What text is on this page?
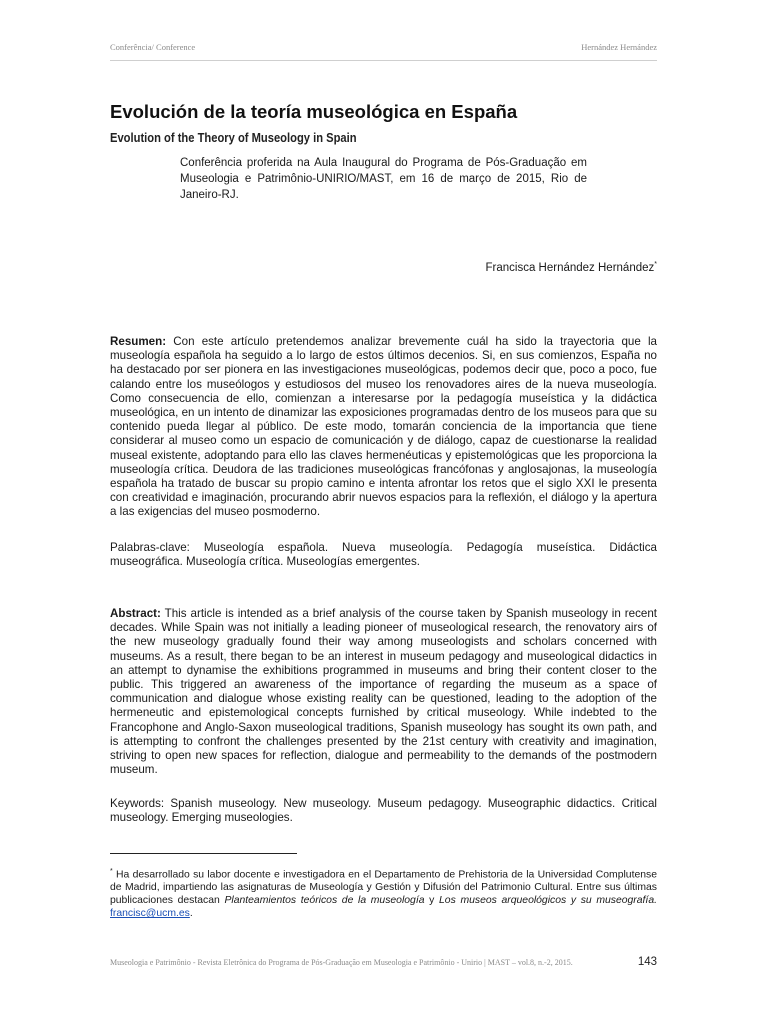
Conferência/ Conference	Hernández Hernández
Evolución de la teoría museológica en España
Evolution of the Theory of Museology in Spain

Conferência proferida na Aula Inaugural do Programa de Pós-Graduação em Museologia e Patrimônio-UNIRIO/MAST, em 16 de março de 2015, Rio de Janeiro-RJ.

Francisca Hernández Hernández*

Resumen: Con este artículo pretendemos analizar brevemente cuál ha sido la trayectoria que la museología española ha seguido a lo largo de estos últimos decenios. Si, en sus comienzos, España no ha destacado por ser pionera en las investigaciones museológicas, podemos decir que, poco a poco, fue calando entre los museólogos y estudiosos del museo los renovadores aires de la nueva museología. Como consecuencia de ello, comienzan a interesarse por la pedagogía museística y la didáctica museológica, en un intento de dinamizar las exposiciones programadas dentro de los museos para que su contenido pueda llegar al público. De este modo, tomarán conciencia de la importancia que tiene considerar al museo como un espacio de comunicación y de diálogo, capaz de cuestionarse la realidad museal existente, adoptando para ello las claves hermenéuticas y epistemológicas que les proporciona la museología crítica. Deudora de las tradiciones museológicas francófonas y anglosajonas, la museología española ha tratado de buscar su propio camino e intenta afrontar los retos que el siglo XXI le presenta con creatividad e imaginación, procurando abrir nuevos espacios para la reflexión, el diálogo y la apertura a las exigencias del museo posmoderno.

Palabras-clave: Museología española. Nueva museología. Pedagogía museística. Didáctica museográfica. Museología crítica. Museologías emergentes.

Abstract: This article is intended as a brief analysis of the course taken by Spanish museology in recent decades. While Spain was not initially a leading pioneer of museological research, the renovatory airs of the new museology gradually found their way among museologists and scholars concerned with museums. As a result, there began to be an interest in museum pedagogy and museological didactics in an attempt to dynamise the exhibitions programmed in museums and bring their content closer to the public. This triggered an awareness of the importance of regarding the museum as a space of communication and dialogue whose existing reality can be questioned, leading to the adoption of the hermeneutic and epistemological concepts furnished by critical museology. While indebted to the Francophone and Anglo-Saxon museological traditions, Spanish museology has sought its own path, and is attempting to confront the challenges presented by the 21st century with creativity and imagination, striving to open new spaces for reflection, dialogue and permeability to the demands of the postmodern museum.

Keywords: Spanish museology. New museology. Museum pedagogy. Museographic didactics. Critical museology. Emerging museologies.

* Ha desarrollado su labor docente e investigadora en el Departamento de Prehistoria de la Universidad Complutense de Madrid, impartiendo las asignaturas de Museología y Gestión y Difusión del Patrimonio Cultural. Entre sus últimas publicaciones destacan Planteamientos teóricos de la museología y Los museos arqueológicos y su museografía. francisc@ucm.es.

Museologia e Patrimônio - Revista Eletrônica do Programa de Pós-Graduação em Museologia e Patrimônio - Unirio | MAST – vol.8, n.-2, 2015.	143
